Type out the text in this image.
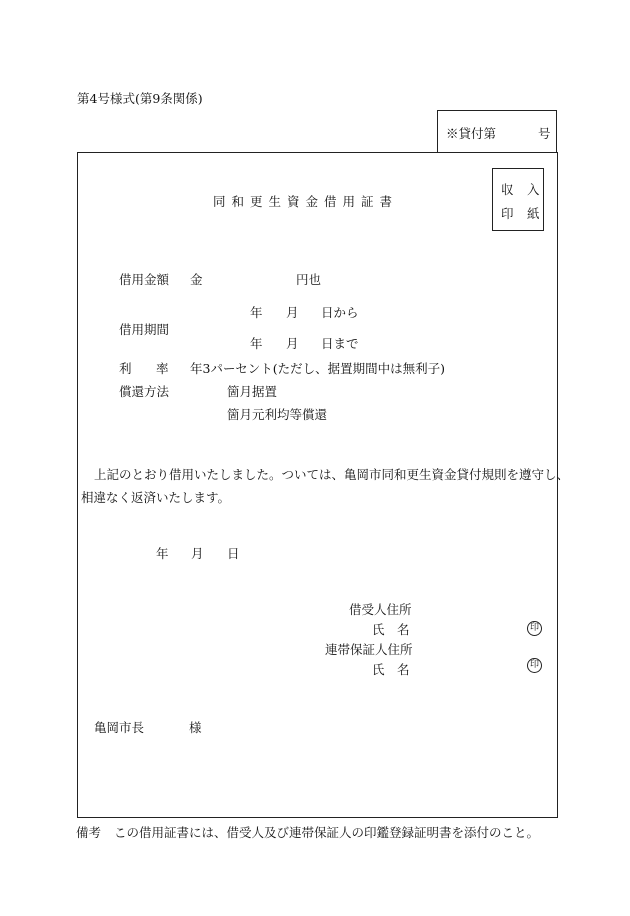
第4号様式(第9条関係)
※貸付第	号
同和更生資金借用証書
収 入
印 紙
借用金額 金	円也
借用期間
年 月 日から
年 月 日まで
利 率 年3パーセント(ただし、据置期間中は無利子)
償還方法	箇月据置
箇月元利均等償還
上記のとおり借用いたしました。ついては、亀岡市同和更生資金貸付規則を遵守し、
相違なく返済いたします。
年 月 日
借受人住所
氏 名	印
連帯保証人住所
氏 名	印
亀岡市長	様
備考 この借用証書には、借受人及び連帯保証人の印鑑登録証明書を添付のこと。
